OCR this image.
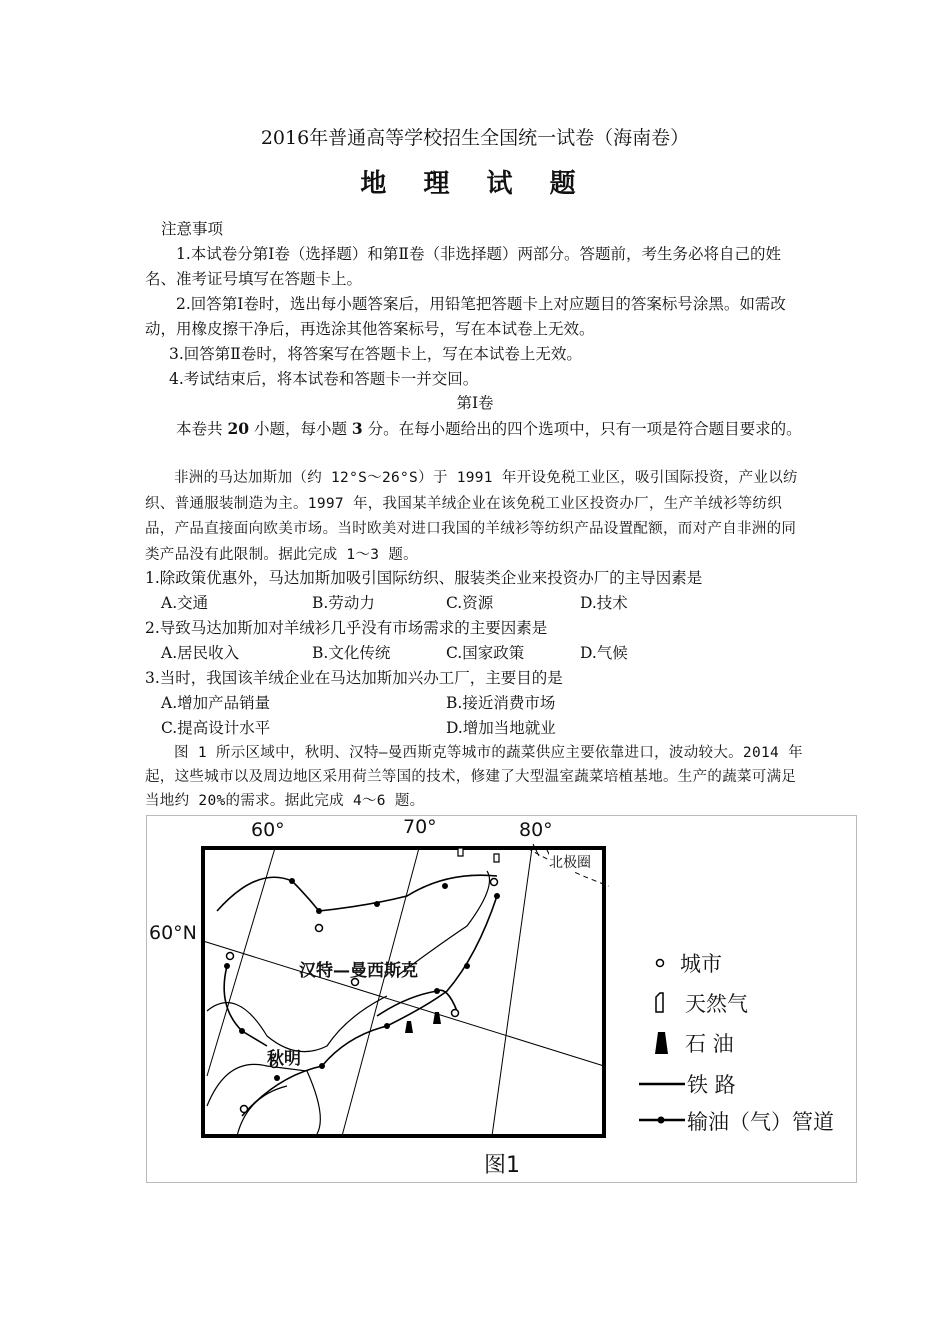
2016年普通高等学校招生全国统一试卷（海南卷）
地 理 试 题
注意事项
1.本试卷分第Ⅰ卷（选择题）和第Ⅱ卷（非选择题）两部分。答题前，考生务必将自己的姓名、准考证号填写在答题卡上。
2.回答第Ⅰ卷时，选出每小题答案后，用铅笔把答题卡上对应题目的答案标号涂黑。如需改动，用橡皮擦干净后，再选涂其他答案标号，写在本试卷上无效。
3.回答第Ⅱ卷时，将答案写在答题卡上，写在本试卷上无效。
4.考试结束后，将本试卷和答题卡一并交回。
第Ⅰ卷
本卷共 20 小题，每小题 3 分。在每小题给出的四个选项中，只有一项是符合题目要求的。
非洲的马达加斯加（约 12°S～26°S）于 1991 年开设免税工业区，吸引国际投资，产业以纺织、普通服装制造为主。1997 年，我国某羊绒企业在该免税工业区投资办厂，生产羊绒衫等纺织品，产品直接面向欧美市场。当时欧美对进口我国的羊绒衫等纺织产品设置配额，而对产自非洲的同类产品没有此限制。据此完成 1～3 题。
1.除政策优惠外，马达加斯加吸引国际纺织、服装类企业来投资办厂的主导因素是
A.交通	B.劳动力	C.资源	D.技术
2.导致马达加斯加对羊绒衫几乎没有市场需求的主要因素是
A.居民收入	B.文化传统	C.国家政策	D.气候
3.当时，我国该羊绒企业在马达加斯加兴办工厂，主要目的是
A.增加产品销量	B.接近消费市场
C.提高设计水平	D.增加当地就业
图 1 所示区域中，秋明、汉特—曼西斯克等城市的蔬菜供应主要依靠进口，波动较大。2014 年起，这些城市以及周边地区采用荷兰等国的技术，修建了大型温室蔬菜培植基地。生产的蔬菜可满足当地约 20%的需求。据此完成 4～6 题。
60°	70°	80°
60°N
北极圈
汉特—曼西斯克
秋明
城市
天然气
石 油
铁 路
输油（气）管道
图1
